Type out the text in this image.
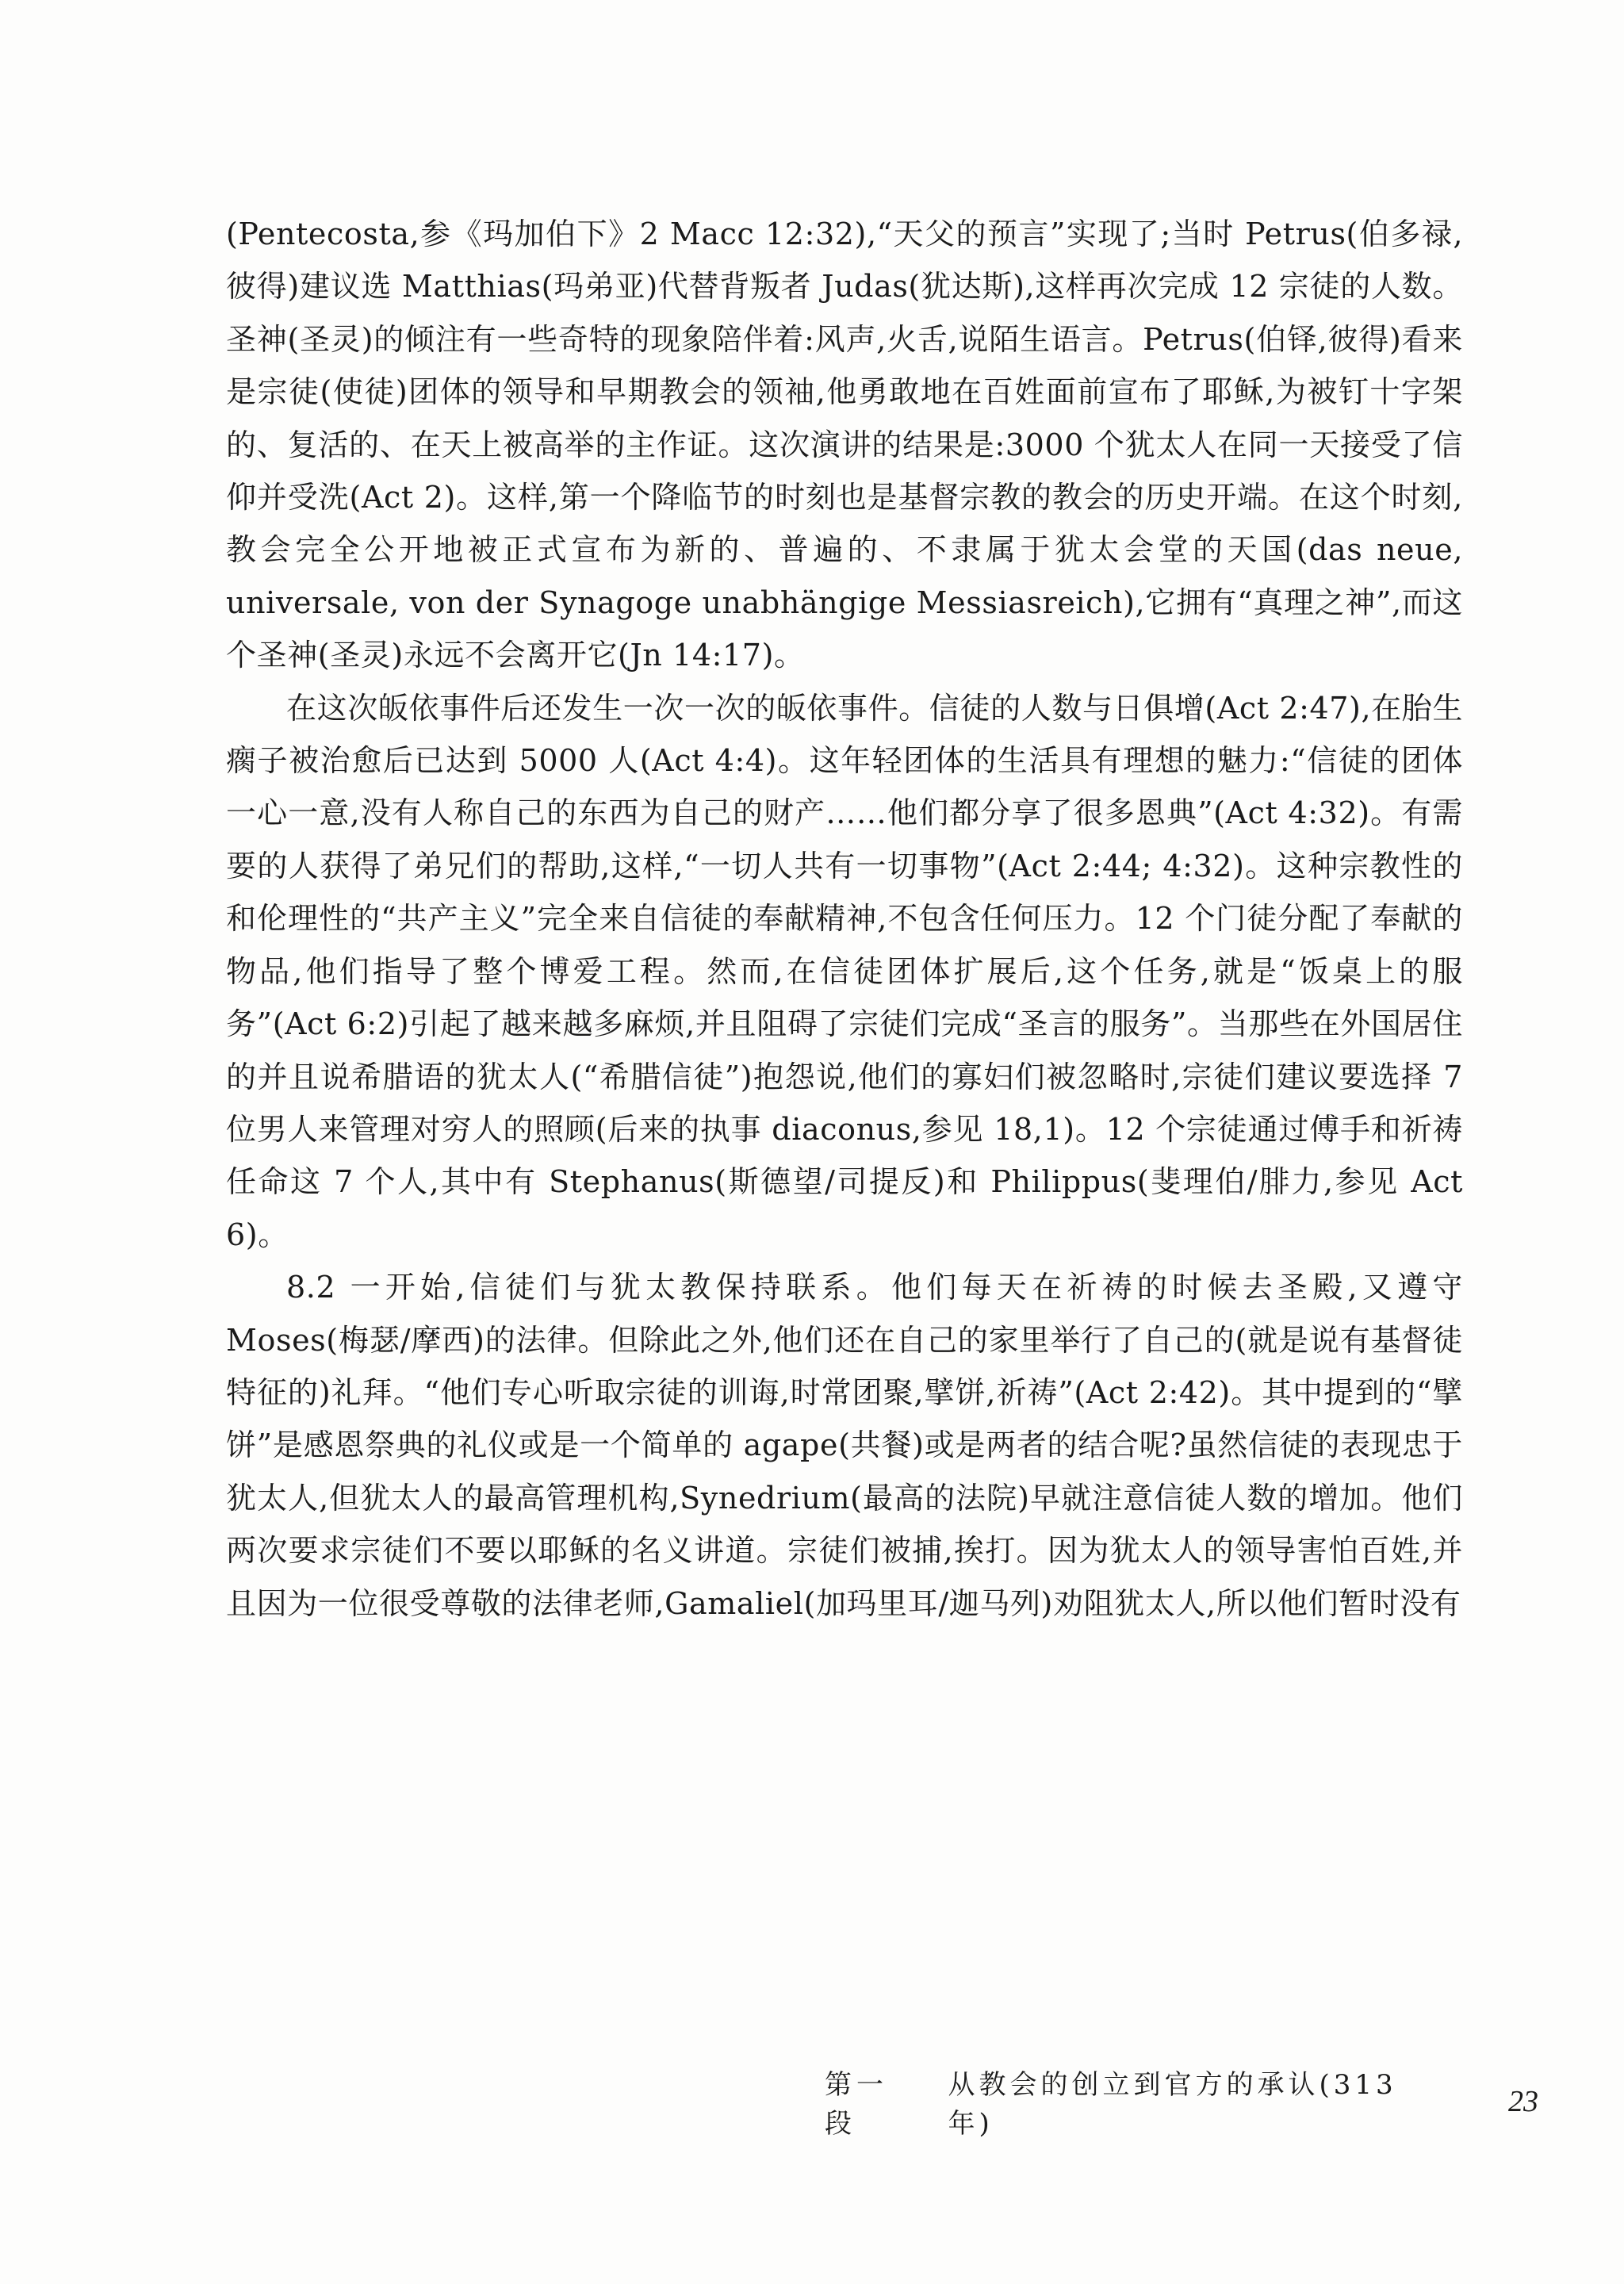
(Pentecosta,参《玛加伯下》2 Macc 12:32),“天父的预言”实现了;当时 Petrus(伯多禄,彼得)建议选 Matthias(玛弟亚)代替背叛者 Judas(犹达斯),这样再次完成 12 宗徒的人数。圣神(圣灵)的倾注有一些奇特的现象陪伴着:风声,火舌,说陌生语言。Petrus(伯铎,彼得)看来是宗徒(使徒)团体的领导和早期教会的领袖,他勇敢地在百姓面前宣布了耶稣,为被钉十字架的、复活的、在天上被高举的主作证。这次演讲的结果是:3000 个犹太人在同一天接受了信仰并受洗(Act 2)。这样,第一个降临节的时刻也是基督宗教的教会的历史开端。在这个时刻,教会完全公开地被正式宣布为新的、普遍的、不隶属于犹太会堂的天国(das neue, universale, von der Synagoge unabhängige Messiasreich),它拥有“真理之神”,而这个圣神(圣灵)永远不会离开它(Jn 14:17)。

在这次皈依事件后还发生一次一次的皈依事件。信徒的人数与日俱增(Act 2:47),在胎生瘸子被治愈后已达到 5000 人(Act 4:4)。这年轻团体的生活具有理想的魅力:“信徒的团体一心一意,没有人称自己的东西为自己的财产……他们都分享了很多恩典”(Act 4:32)。有需要的人获得了弟兄们的帮助,这样,“一切人共有一切事物”(Act 2:44; 4:32)。这种宗教性的和伦理性的“共产主义”完全来自信徒的奉献精神,不包含任何压力。12 个门徒分配了奉献的物品,他们指导了整个博爱工程。然而,在信徒团体扩展后,这个任务,就是“饭桌上的服务”(Act 6:2)引起了越来越多麻烦,并且阻碍了宗徒们完成“圣言的服务”。当那些在外国居住的并且说希腊语的犹太人(“希腊信徒”)抱怨说,他们的寡妇们被忽略时,宗徒们建议要选择 7 位男人来管理对穷人的照顾(后来的执事 diaconus,参见 18,1)。12 个宗徒通过傅手和祈祷任命这 7 个人,其中有 Stephanus(斯德望/司提反)和 Philippus(斐理伯/腓力,参见 Act 6)。

8.2 一开始,信徒们与犹太教保持联系。他们每天在祈祷的时候去圣殿,又遵守 Moses(梅瑟/摩西)的法律。但除此之外,他们还在自己的家里举行了自己的(就是说有基督徒特征的)礼拜。“他们专心听取宗徒的训诲,时常团聚,擘饼,祈祷”(Act 2:42)。其中提到的“擘饼”是感恩祭典的礼仪或是一个简单的 agape(共餐)或是两者的结合呢?虽然信徒的表现忠于犹太人,但犹太人的最高管理机构,Synedrium(最高的法院)早就注意信徒人数的增加。他们两次要求宗徒们不要以耶稣的名义讲道。宗徒们被捕,挨打。因为犹太人的领导害怕百姓,并且因为一位很受尊敬的法律老师,Gamaliel(加玛里耳/迦马列)劝阻犹太人,所以他们暂时没有

第一段
从教会的创立到官方的承认(313 年)
23
